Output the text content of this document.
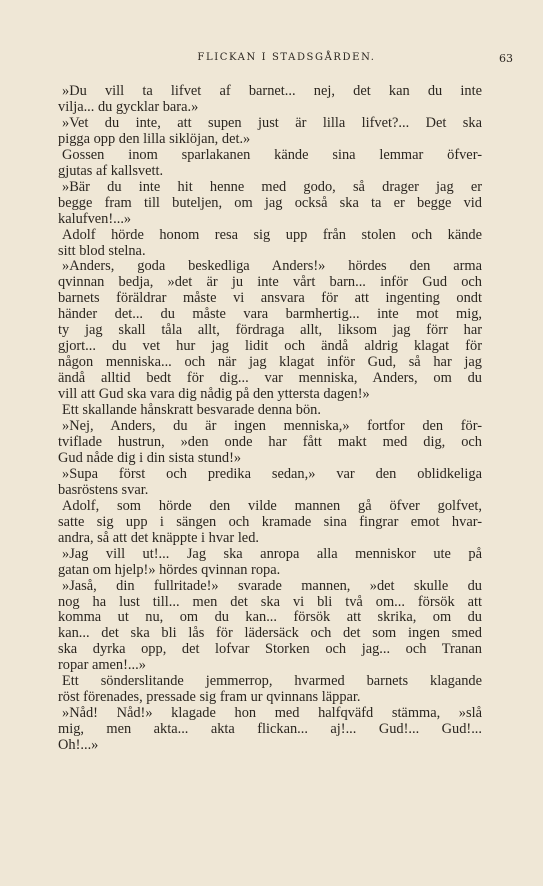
FLICKAN I STADSGÅRDEN.	63
»Du vill ta lifvet af barnet... nej, det kan du inte
vilja... du gycklar bara.»
»Vet du inte, att supen just är lilla lifvet?... Det ska
pigga opp den lilla siklöjan, det.»
Gossen inom sparlakanen kände sina lemmar öfver-
gjutas af kallsvett.
»Bär du inte hit henne med godo, så drager jag er
begge fram till buteljen, om jag också ska ta er begge vid
kalufven!...»
Adolf hörde honom resa sig upp från stolen och kände
sitt blod stelna.
»Anders, goda beskedliga Anders!» hördes den arma
qvinnan bedja, »det är ju inte vårt barn... inför Gud och
barnets föräldrar måste vi ansvara för att ingenting ondt
händer det... du måste vara barmhertig... inte mot mig,
ty jag skall tåla allt, fördraga allt, liksom jag förr har
gjort... du vet hur jag lidit och ändå aldrig klagat för
någon menniska... och när jag klagat inför Gud, så har jag
ändå alltid bedt för dig... var menniska, Anders, om du
vill att Gud ska vara dig nådig på den yttersta dagen!»
Ett skallande hånskratt besvarade denna bön.
»Nej, Anders, du är ingen menniska,» fortfor den för-
tviflade hustrun, »den onde har fått makt med dig, och
Gud nåde dig i din sista stund!»
»Supa först och predika sedan,» var den oblidkeliga
basröstens svar.
Adolf, som hörde den vilde mannen gå öfver golfvet,
satte sig upp i sängen och kramade sina fingrar emot hvar-
andra, så att det knäppte i hvar led.
»Jag vill ut!... Jag ska anropa alla menniskor ute på
gatan om hjelp!» hördes qvinnan ropa.
»Jaså, din fullritade!» svarade mannen, »det skulle du
nog ha lust till... men det ska vi bli två om... försök att
komma ut nu, om du kan... försök att skrika, om du
kan... det ska bli lås för lädersäck och det som ingen smed
ska dyrka opp, det lofvar Storken och jag... och Tranan
ropar amen!...»
Ett sönderslitande jemmerrop, hvarmed barnets klagande
röst förenades, pressade sig fram ur qvinnans läppar.
»Nåd! Nåd!» klagade hon med halfqväfd stämma, »slå
mig, men akta... akta flickan... aj!... Gud!... Gud!...
Oh!...»
